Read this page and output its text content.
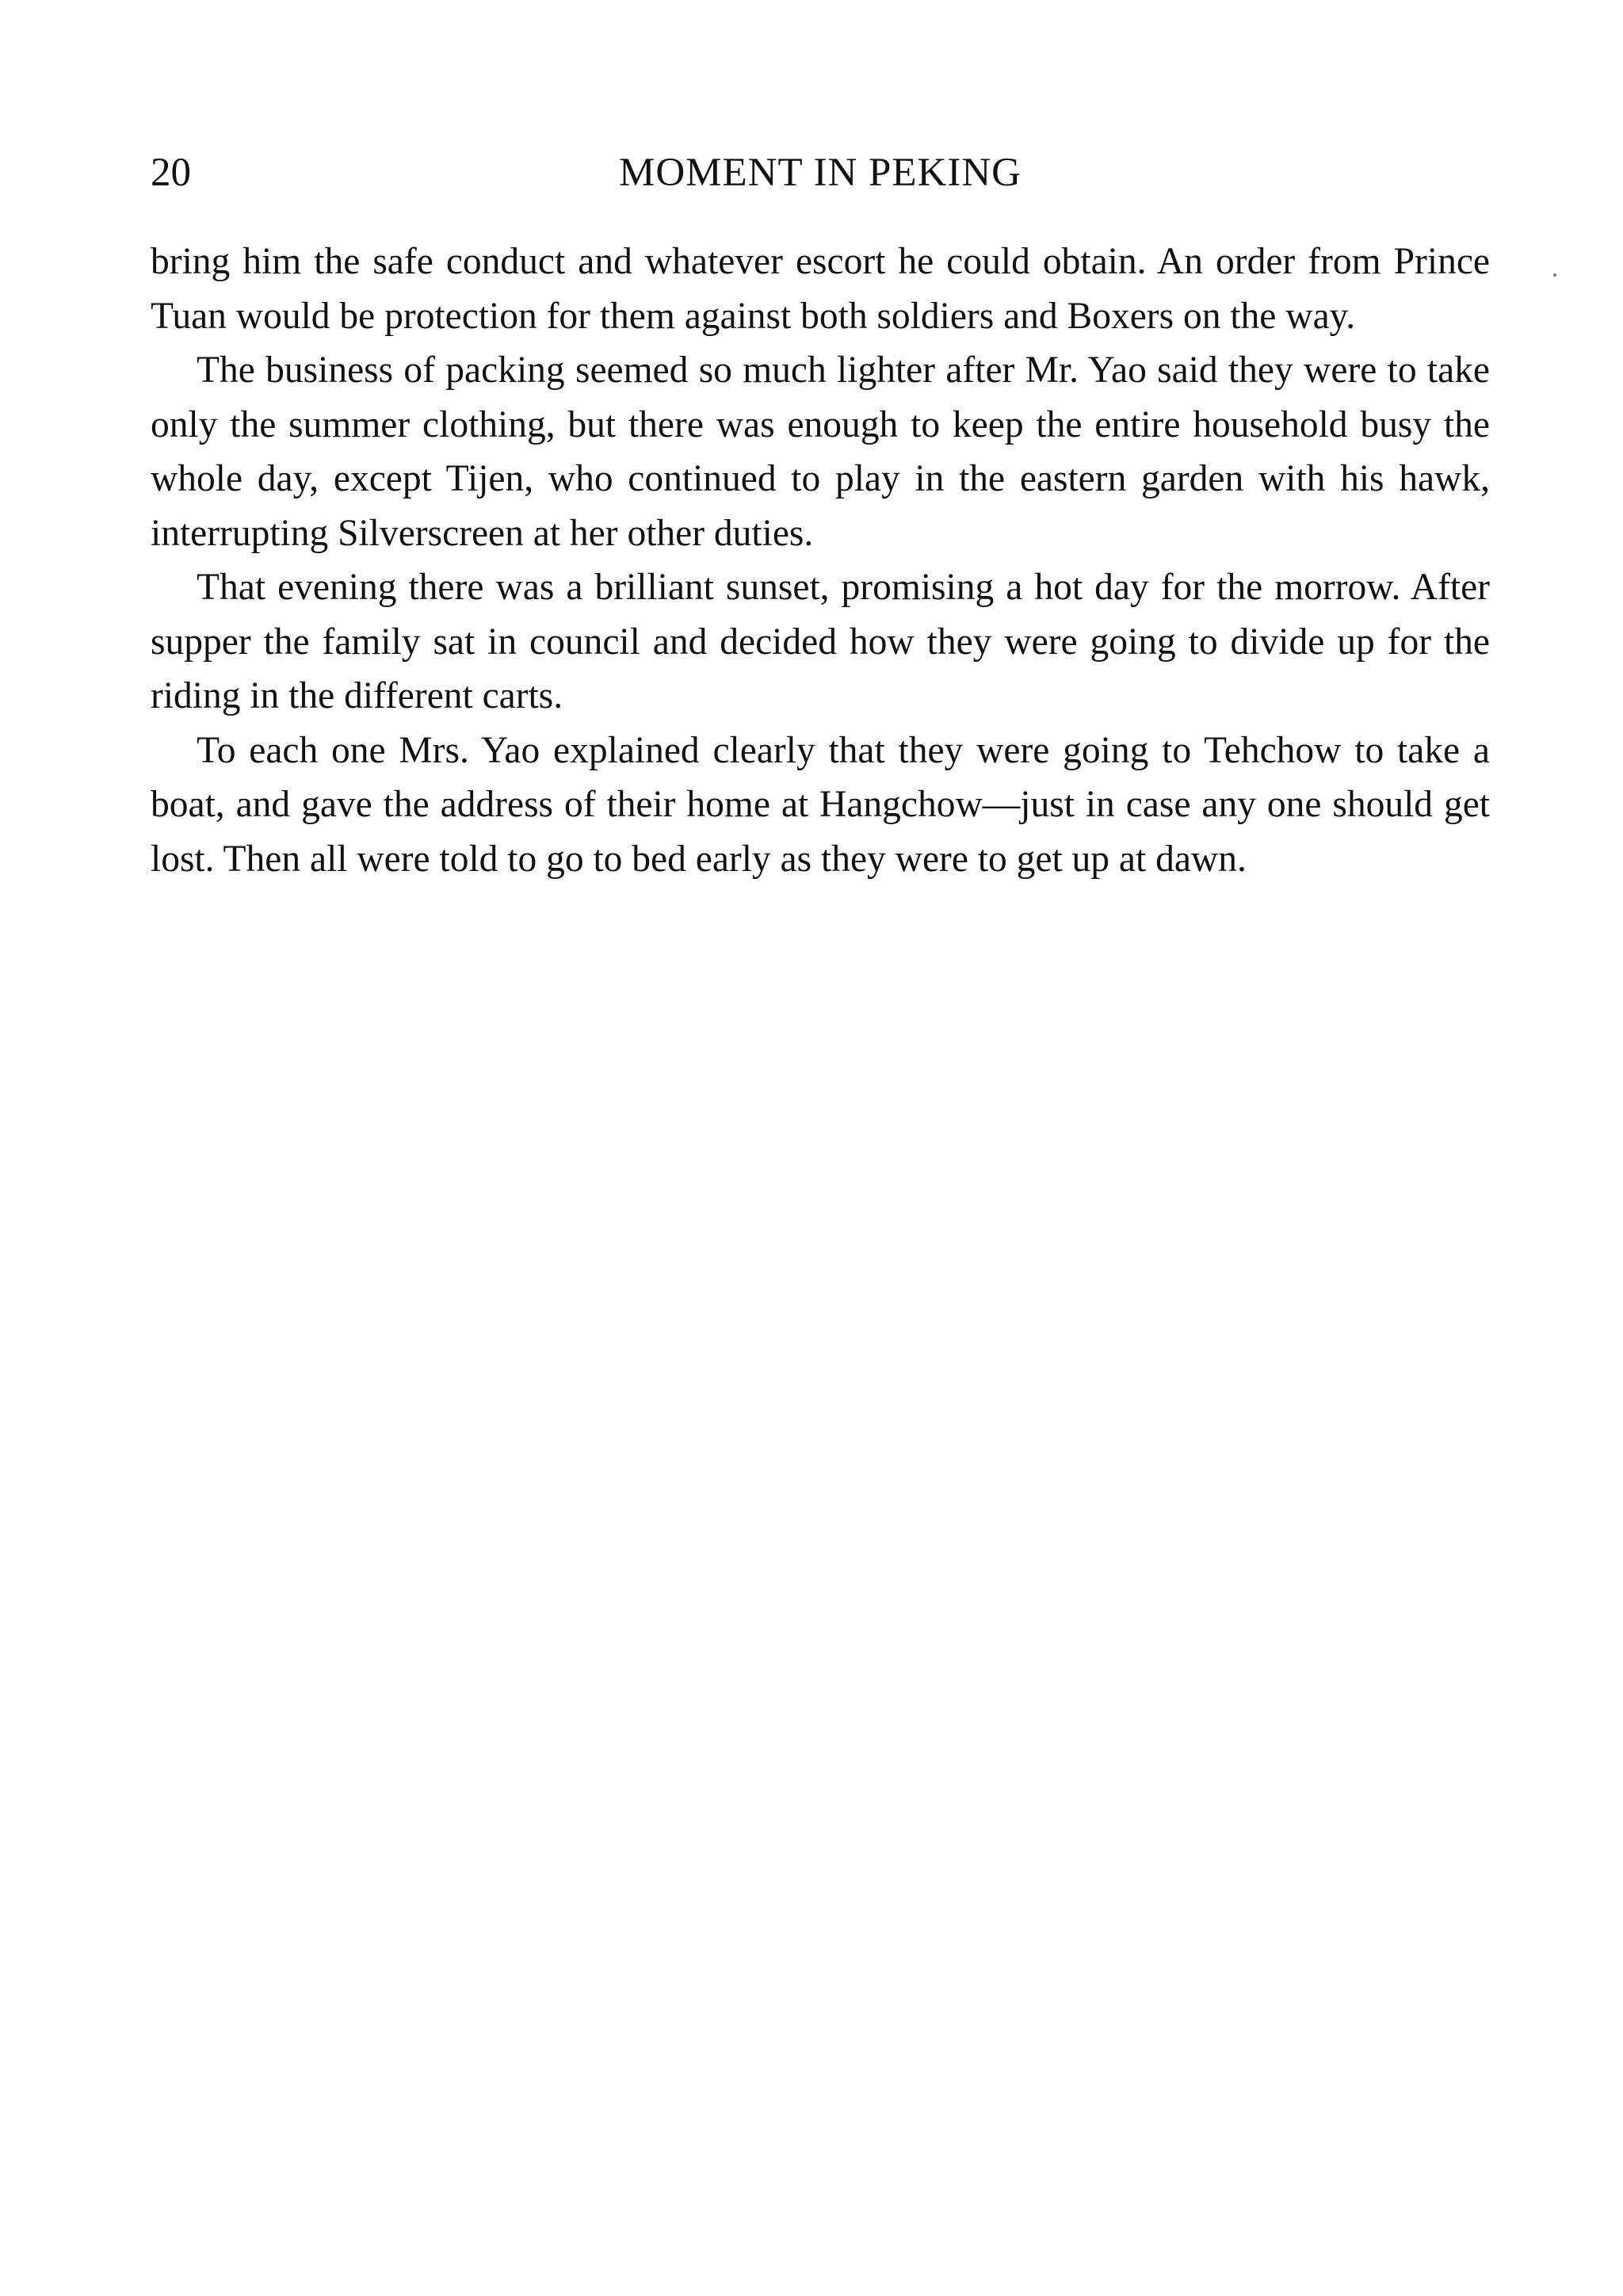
20	MOMENT IN PEKING

bring him the safe conduct and whatever escort he could obtain. An order from Prince Tuan would be protection for them against both soldiers and Boxers on the way.

The business of packing seemed so much lighter after Mr. Yao said they were to take only the summer clothing, but there was enough to keep the entire household busy the whole day, except Tijen, who continued to play in the eastern garden with his hawk, interrupting Silverscreen at her other duties.

That evening there was a brilliant sunset, promising a hot day for the morrow. After supper the family sat in council and decided how they were going to divide up for the riding in the different carts.

To each one Mrs. Yao explained clearly that they were going to Tehchow to take a boat, and gave the address of their home at Hangchow—just in case any one should get lost. Then all were told to go to bed early as they were to get up at dawn.
